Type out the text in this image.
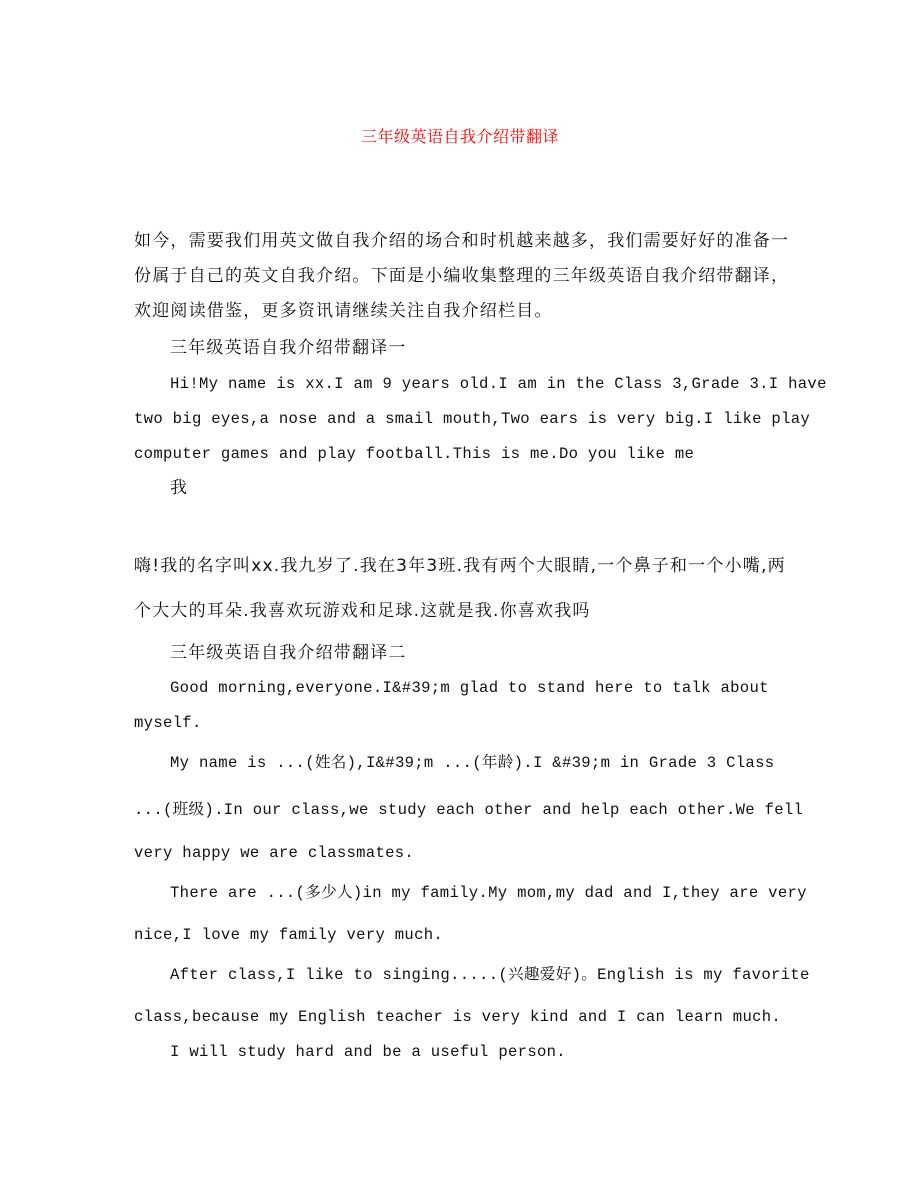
三年级英语自我介绍带翻译
如今，需要我们用英文做自我介绍的场合和时机越来越多，我们需要好好的准备一
份属于自己的英文自我介绍。下面是小编收集整理的三年级英语自我介绍带翻译，
欢迎阅读借鉴，更多资讯请继续关注自我介绍栏目。
三年级英语自我介绍带翻译一
Hi!My name is xx.I am 9 years old.I am in the Class 3,Grade 3.I have
two big eyes,a nose and a smail mouth,Two ears is very big.I like play
computer games and play football.This is me.Do you like me
我
嗨!我的名字叫xx.我九岁了.我在3年3班.我有两个大眼睛,一个鼻子和一个小嘴,两
个大大的耳朵.我喜欢玩游戏和足球.这就是我.你喜欢我吗
三年级英语自我介绍带翻译二
Good morning,everyone.I&#39;m glad to stand here to talk about
myself.
My name is ...(姓名),I&#39;m ...(年龄).I &#39;m in Grade 3 Class
...(班级).In our class,we study each other and help each other.We fell
very happy we are classmates.
There are ...(多少人)in my family.My mom,my dad and I,they are very
nice,I love my family very much.
After class,I like to singing.....(兴趣爱好)。English is my favorite
class,because my English teacher is very kind and I can learn much.
I will study hard and be a useful person.
